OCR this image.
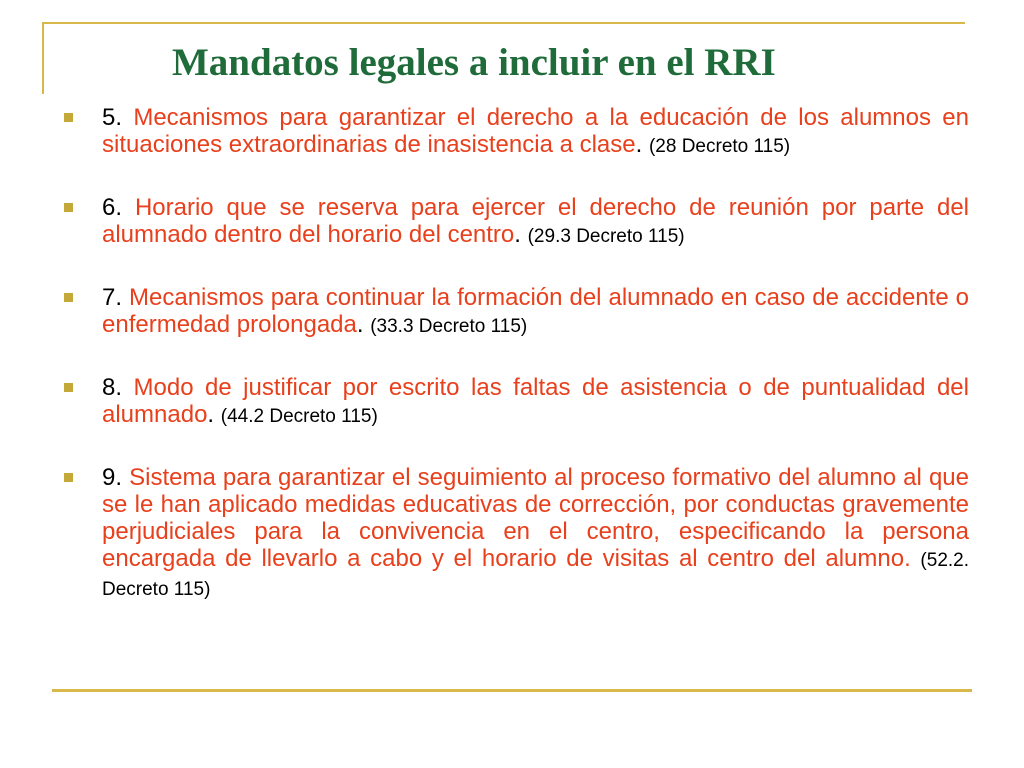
Mandatos legales a incluir en el RRI
5. Mecanismos para garantizar el derecho a la educación de los alumnos en situaciones extraordinarias de inasistencia a clase. (28 Decreto 115)
6. Horario que se reserva para ejercer el derecho de reunión por parte del alumnado dentro del horario del centro. (29.3 Decreto 115)
7. Mecanismos para continuar la formación del alumnado en caso de accidente o enfermedad prolongada. (33.3 Decreto 115)
8. Modo de justificar por escrito las faltas de asistencia o de puntualidad del alumnado. (44.2 Decreto 115)
9. Sistema para garantizar el seguimiento al proceso formativo del alumno al que se le han aplicado medidas educativas de corrección, por conductas gravemente perjudiciales para la convivencia en el centro, especificando la persona encargada de llevarlo a cabo y el horario de visitas al centro del alumno. (52.2. Decreto 115)
